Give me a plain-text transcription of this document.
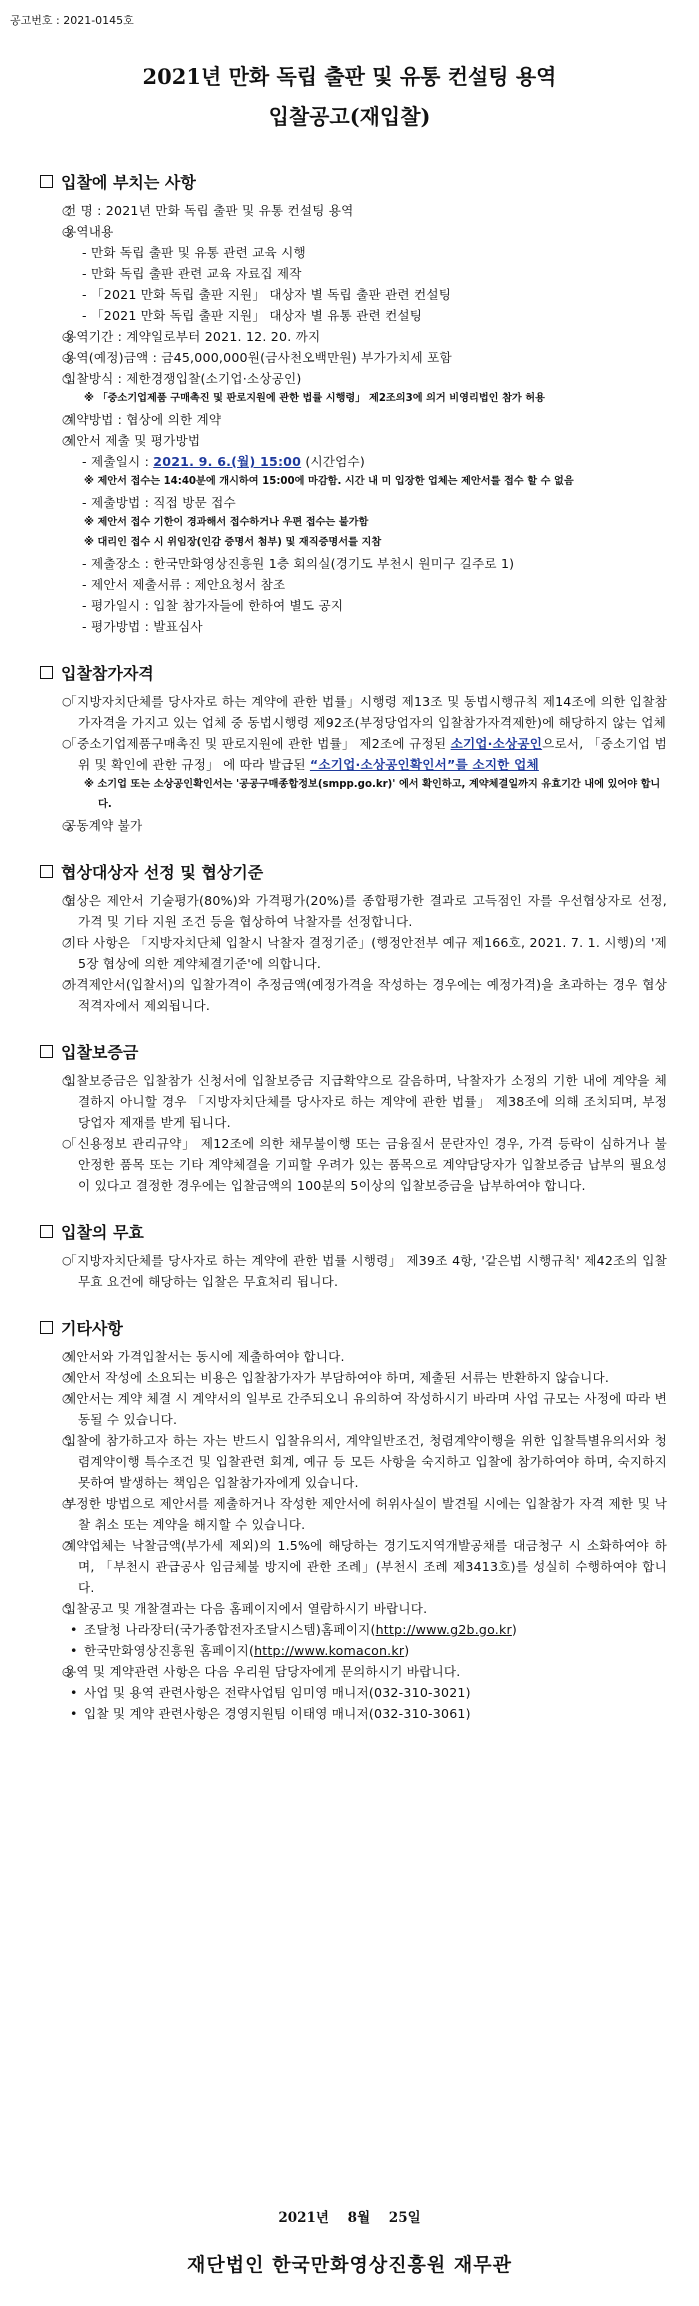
공고번호 : 2021-0145호
2021년 만화 독립 출판 및 유통 컨설팅 용역
입찰공고(재입찰)
입찰에 부치는 사항
○ 건 명 : 2021년 만화 독립 출판 및 유통 컨설팅 용역
○ 용역내용
- 만화 독립 출판 및 유통 관련 교육 시행
- 만화 독립 출판 관련 교육 자료집 제작
- 「2021 만화 독립 출판 지원」 대상자 별 독립 출판 관련 컨설팅
- 「2021 만화 독립 출판 지원」 대상자 별 유통 관련 컨설팅
○ 용역기간 : 계약일로부터 2021. 12. 20. 까지
○ 용역(예정)금액 : 금45,000,000원(금사천오백만원) 부가가치세 포함
○ 입찰방식 : 제한경쟁입찰(소기업·소상공인)
※ 「중소기업제품 구매촉진 및 판로지원에 관한 법률 시행령」 제2조의3에 의거 비영리법인 참가 허용
○ 계약방법 : 협상에 의한 계약
○ 제안서 제출 및 평가방법
- 제출일시 : 2021. 9. 6.(월) 15:00 (시간엄수)
※ 제안서 접수는 14:40분에 개시하여 15:00에 마감함. 시간 내 미 입장한 업체는 제안서를 접수 할 수 없음
- 제출방법 : 직접 방문 접수
※ 제안서 접수 기한이 경과해서 접수하거나 우편 접수는 불가함
※ 대리인 접수 시 위임장(인감 증명서 첨부) 및 재직증명서를 지참
- 제출장소 : 한국만화영상진흥원 1층 회의실(경기도 부천시 원미구 길주로 1)
- 제안서 제출서류 : 제안요청서 참조
- 평가일시 : 입찰 참가자들에 한하여 별도 공지
- 평가방법 : 발표심사
입찰참가자격
○ 「지방자치단체를 당사자로 하는 계약에 관한 법률」시행령 제13조 및 동법시행규칙 제14조에 의한 입찰참가자격을 가지고 있는 업체 중 동법시행령 제92조(부정당업자의 입찰참가자격제한)에 해당하지 않는 업체
○ 「중소기업제품구매촉진 및 판로지원에 관한 법률」 제2조에 규정된 소기업·소상공인으로서, 「중소기업 범위 및 확인에 관한 규정」 에 따라 발급된 “소기업·소상공인확인서”를 소지한 업체
※ 소기업 또는 소상공인확인서는 '공공구매종합정보(smpp.go.kr)' 에서 확인하고, 계약체결일까지 유효기간 내에 있어야 합니다.
○ 공동계약 불가
협상대상자 선정 및 협상기준
○ 협상은 제안서 기술평가(80%)와 가격평가(20%)를 종합평가한 결과로 고득점인 자를 우선협상자로 선정, 가격 및 기타 지원 조건 등을 협상하여 낙찰자를 선정합니다.
○ 기타 사항은 「지방자치단체 입찰시 낙찰자 결정기준」(행정안전부 예규 제166호, 2021. 7. 1. 시행)의 '제5장 협상에 의한 계약체결기준'에 의합니다.
○ 가격제안서(입찰서)의 입찰가격이 추정금액(예정가격을 작성하는 경우에는 예정가격)을 초과하는 경우 협상적격자에서 제외됩니다.
입찰보증금
○ 입찰보증금은 입찰참가 신청서에 입찰보증금 지급확약으로 갈음하며, 낙찰자가 소정의 기한 내에 계약을 체결하지 아니할 경우 「지방자치단체를 당사자로 하는 계약에 관한 법률」 제38조에 의해 조치되며, 부정당업자 제재를 받게 됩니다.
○ 「신용정보 관리규약」 제12조에 의한 채무불이행 또는 금융질서 문란자인 경우, 가격 등락이 심하거나 불안정한 품목 또는 기타 계약체결을 기피할 우려가 있는 품목으로 계약담당자가 입찰보증금 납부의 필요성이 있다고 결정한 경우에는 입찰금액의 100분의 5이상의 입찰보증금을 납부하여야 합니다.
입찰의 무효
○ 「지방자치단체를 당사자로 하는 계약에 관한 법률 시행령」 제39조 4항, '같은법 시행규칙' 제42조의 입찰무효 요건에 해당하는 입찰은 무효처리 됩니다.
기타사항
○ 제안서와 가격입찰서는 동시에 제출하여야 합니다.
○ 제안서 작성에 소요되는 비용은 입찰참가자가 부담하여야 하며, 제출된 서류는 반환하지 않습니다.
○ 제안서는 계약 체결 시 계약서의 일부로 간주되오니 유의하여 작성하시기 바라며 사업 규모는 사정에 따라 변동될 수 있습니다.
○ 입찰에 참가하고자 하는 자는 반드시 입찰유의서, 계약일반조건, 청렴계약이행을 위한 입찰특별유의서와 청렴계약이행 특수조건 및 입찰관련 회계, 예규 등 모든 사항을 숙지하고 입찰에 참가하여야 하며, 숙지하지 못하여 발생하는 책임은 입찰참가자에게 있습니다.
○ 부정한 방법으로 제안서를 제출하거나 작성한 제안서에 허위사실이 발견될 시에는 입찰참가 자격 제한 및 낙찰 취소 또는 계약을 해지할 수 있습니다.
○ 계약업체는 낙찰금액(부가세 제외)의 1.5%에 해당하는 경기도지역개발공채를 대금청구 시 소화하여야 하며, 「부천시 관급공사 임금체불 방지에 관한 조례」(부천시 조례 제3413호)를 성실히 수행하여야 합니다.
○ 입찰공고 및 개찰결과는 다음 홈페이지에서 열람하시기 바랍니다.
• 조달청 나라장터(국가종합전자조달시스템)홈페이지(http://www.g2b.go.kr)
• 한국만화영상진흥원 홈페이지(http://www.komacon.kr)
○ 용역 및 계약관련 사항은 다음 우리원 담당자에게 문의하시기 바랍니다.
• 사업 및 용역 관련사항은 전략사업팀 임미영 매니저(032-310-3021)
• 입찰 및 계약 관련사항은 경영지원팀 이태영 매니저(032-310-3061)
2021년 8월 25일
재단법인 한국만화영상진흥원 재무관
